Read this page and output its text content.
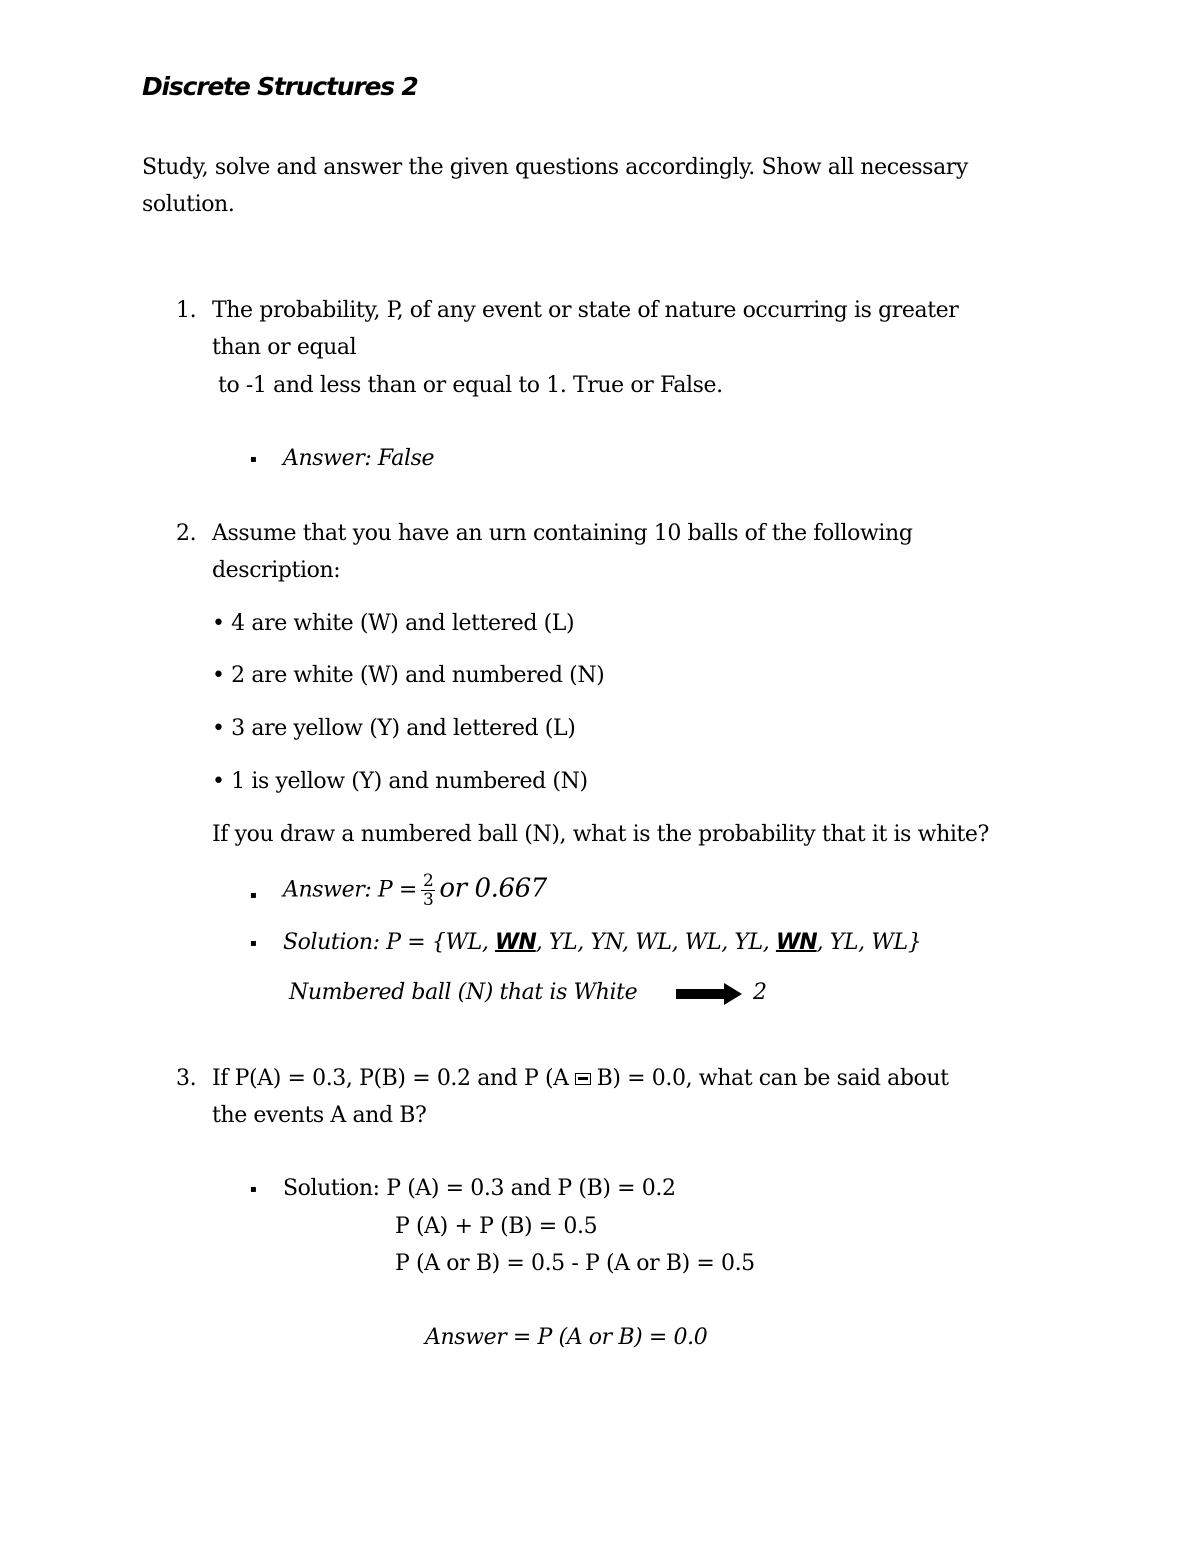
Discrete Structures 2
Study, solve and answer the given questions accordingly. Show all necessary
solution.
1. The probability, P, of any event or state of nature occurring is greater
than or equal
to -1 and less than or equal to 1. True or False.
▪ Answer: False
2. Assume that you have an urn containing 10 balls of the following
description:
• 4 are white (W) and lettered (L)
• 2 are white (W) and numbered (N)
• 3 are yellow (Y) and lettered (L)
• 1 is yellow (Y) and numbered (N)
If you draw a numbered ball (N), what is the probability that it is white?
▪ Answer: $P = \frac{2}{3}$ or 0.667
▪ Solution: P = {WL, WN, YL, YN, WL, WL, YL, WN, YL, WL}
Numbered ball (N) that is White	2
3. If P(A) = 0.3, P(B) = 0.2 and P (A B) = 0.0, what can be said about
the events A and B?
▪ Solution: P (A) = 0.3 and P (B) = 0.2
P (A) + P (B) = 0.5
P (A or B) = 0.5 - P (A or B) = 0.5
Answer = P (A or B) = 0.0
